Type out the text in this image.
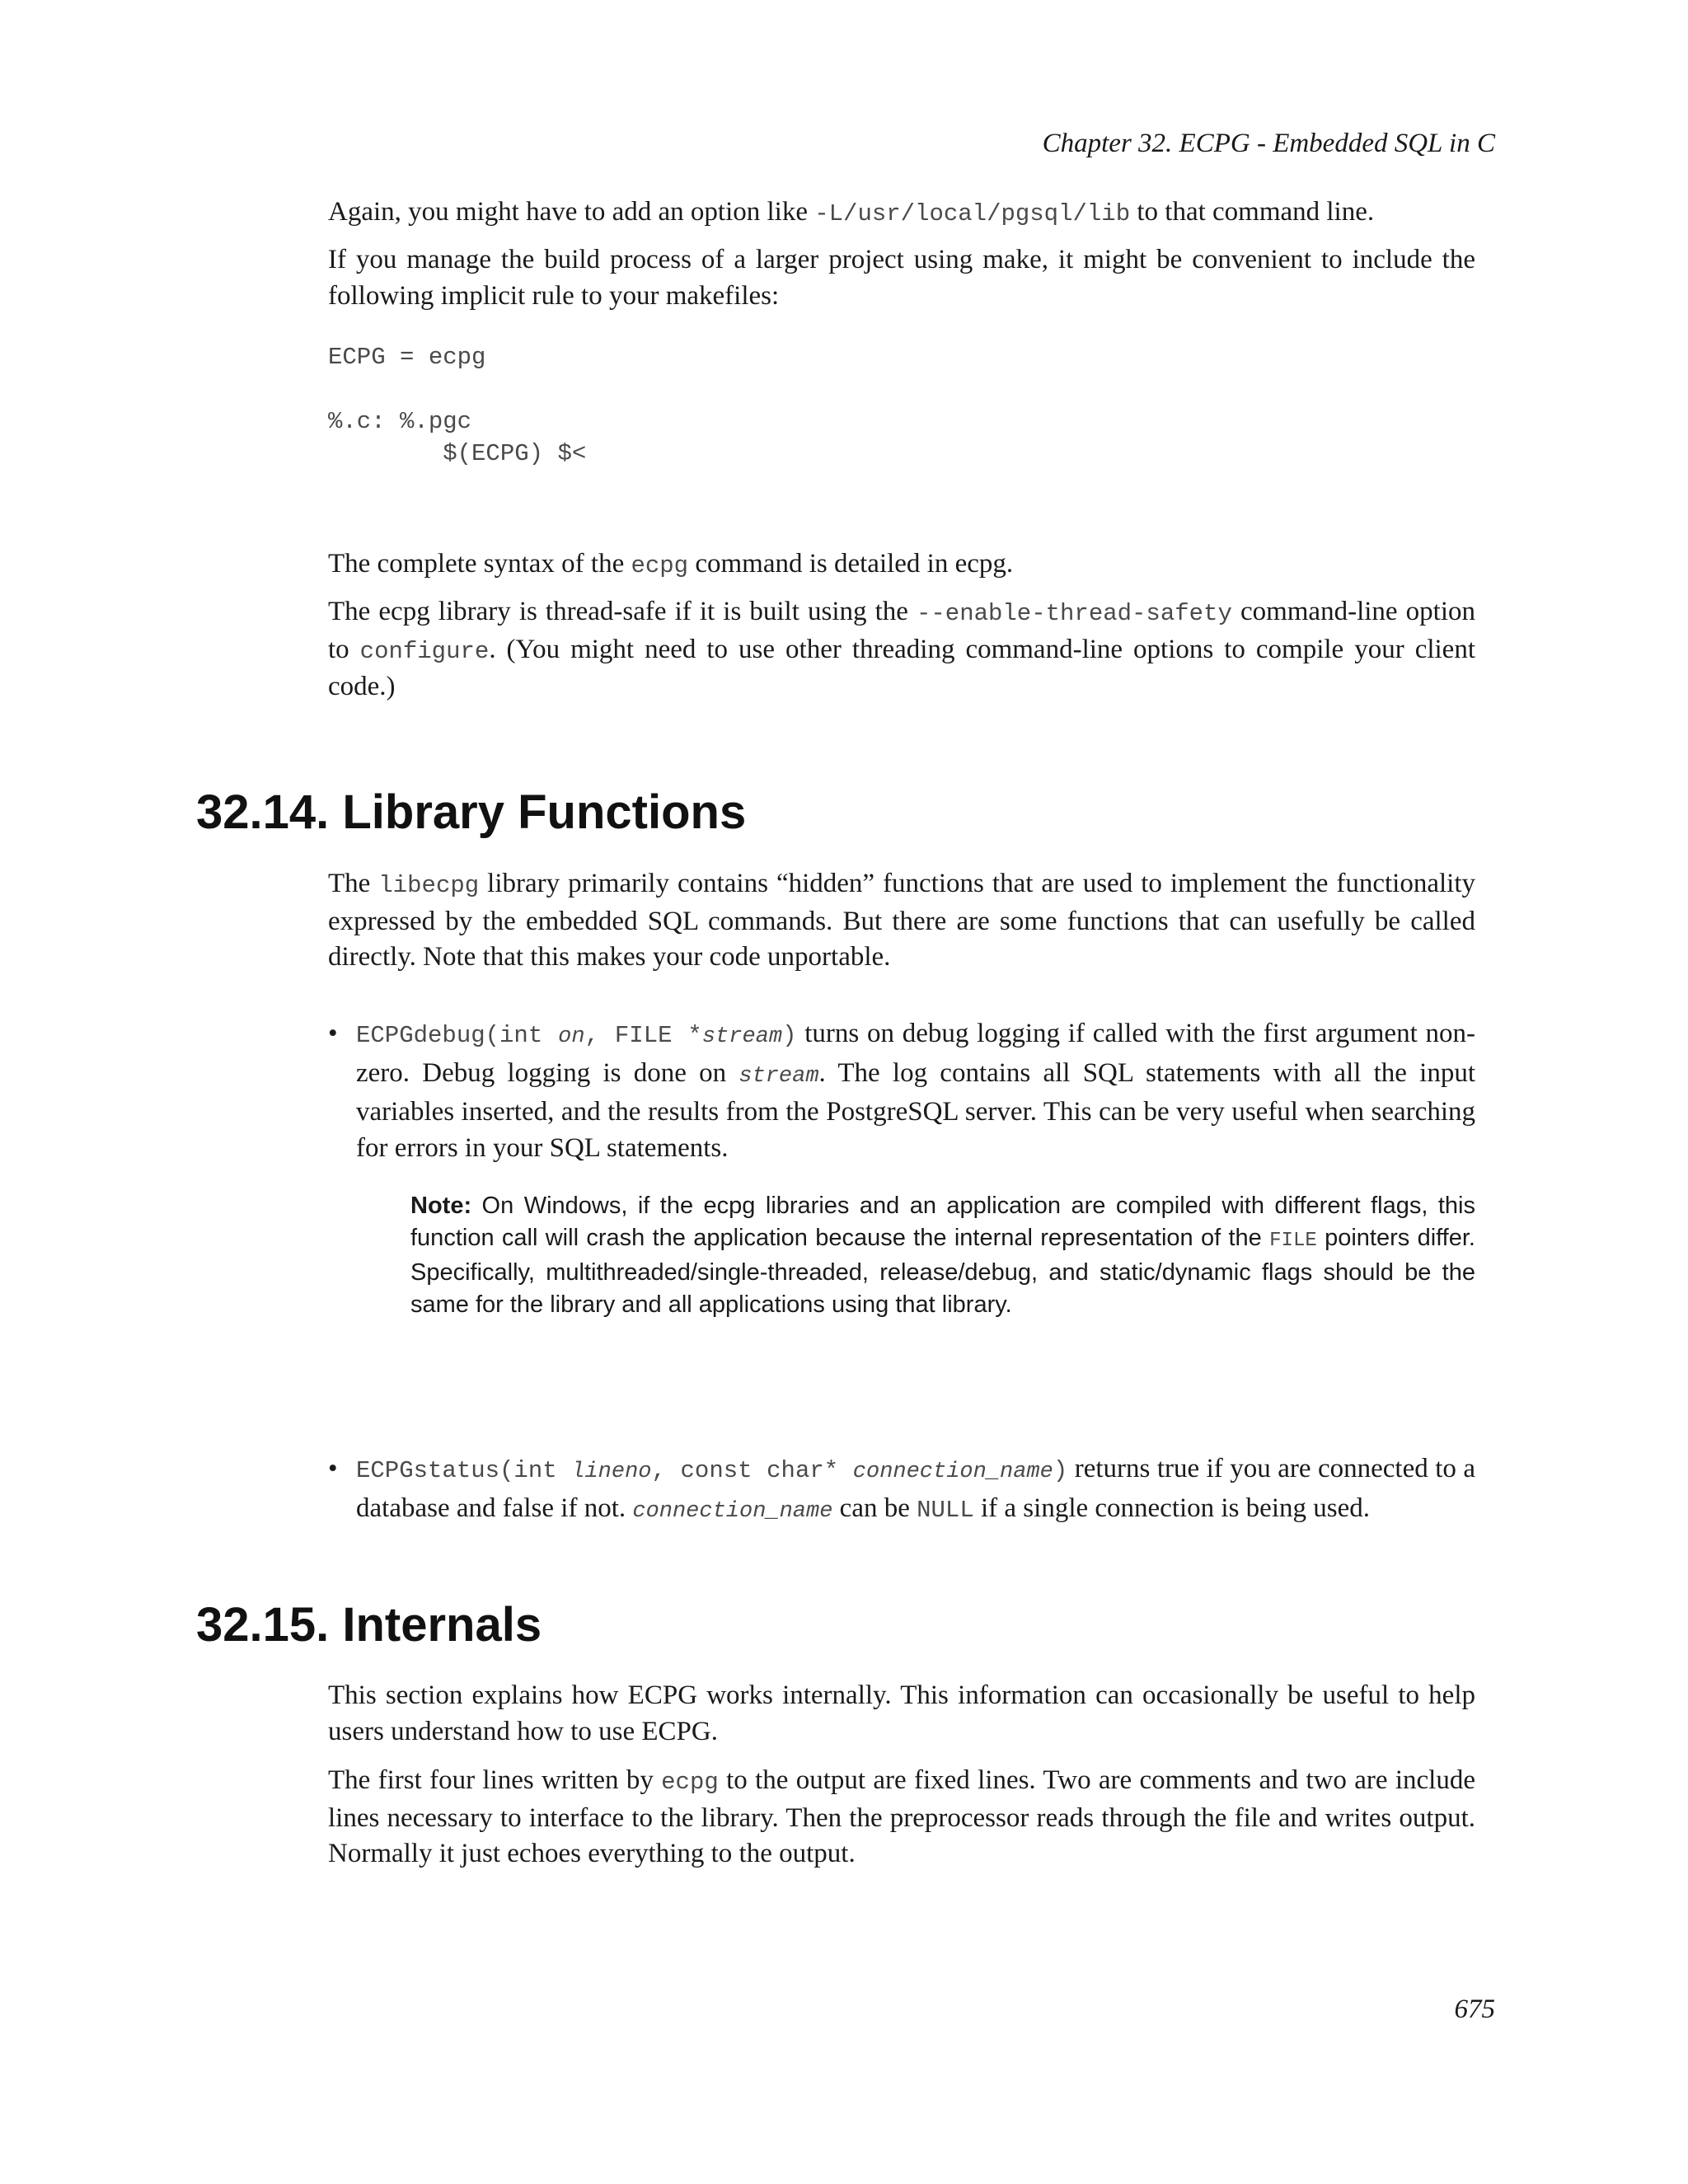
Chapter 32. ECPG - Embedded SQL in C

Again, you might have to add an option like -L/usr/local/pgsql/lib to that command line.

If you manage the build process of a larger project using make, it might be convenient to include the following implicit rule to your makefiles:

ECPG = ecpg

%.c: %.pgc
$(ECPG) $<

The complete syntax of the ecpg command is detailed in ecpg.

The ecpg library is thread-safe if it is built using the --enable-thread-safety command-line option to configure. (You might need to use other threading command-line options to compile your client code.)

32.14. Library Functions

The libecpg library primarily contains “hidden” functions that are used to implement the functionality expressed by the embedded SQL commands. But there are some functions that can usefully be called directly. Note that this makes your code unportable.

• ECPGdebug(int on, FILE *stream) turns on debug logging if called with the first argument non-zero. Debug logging is done on stream. The log contains all SQL statements with all the input variables inserted, and the results from the PostgreSQL server. This can be very useful when searching for errors in your SQL statements.
Note: On Windows, if the ecpg libraries and an application are compiled with different flags, this function call will crash the application because the internal representation of the FILE pointers differ. Specifically, multithreaded/single-threaded, release/debug, and static/dynamic flags should be the same for the library and all applications using that library.
• ECPGstatus(int lineno, const char* connection_name) returns true if you are connected to a database and false if not. connection_name can be NULL if a single connection is being used.
32.15. Internals

This section explains how ECPG works internally. This information can occasionally be useful to help users understand how to use ECPG.

The first four lines written by ecpg to the output are fixed lines. Two are comments and two are include lines necessary to interface to the library. Then the preprocessor reads through the file and writes output. Normally it just echoes everything to the output.

675
